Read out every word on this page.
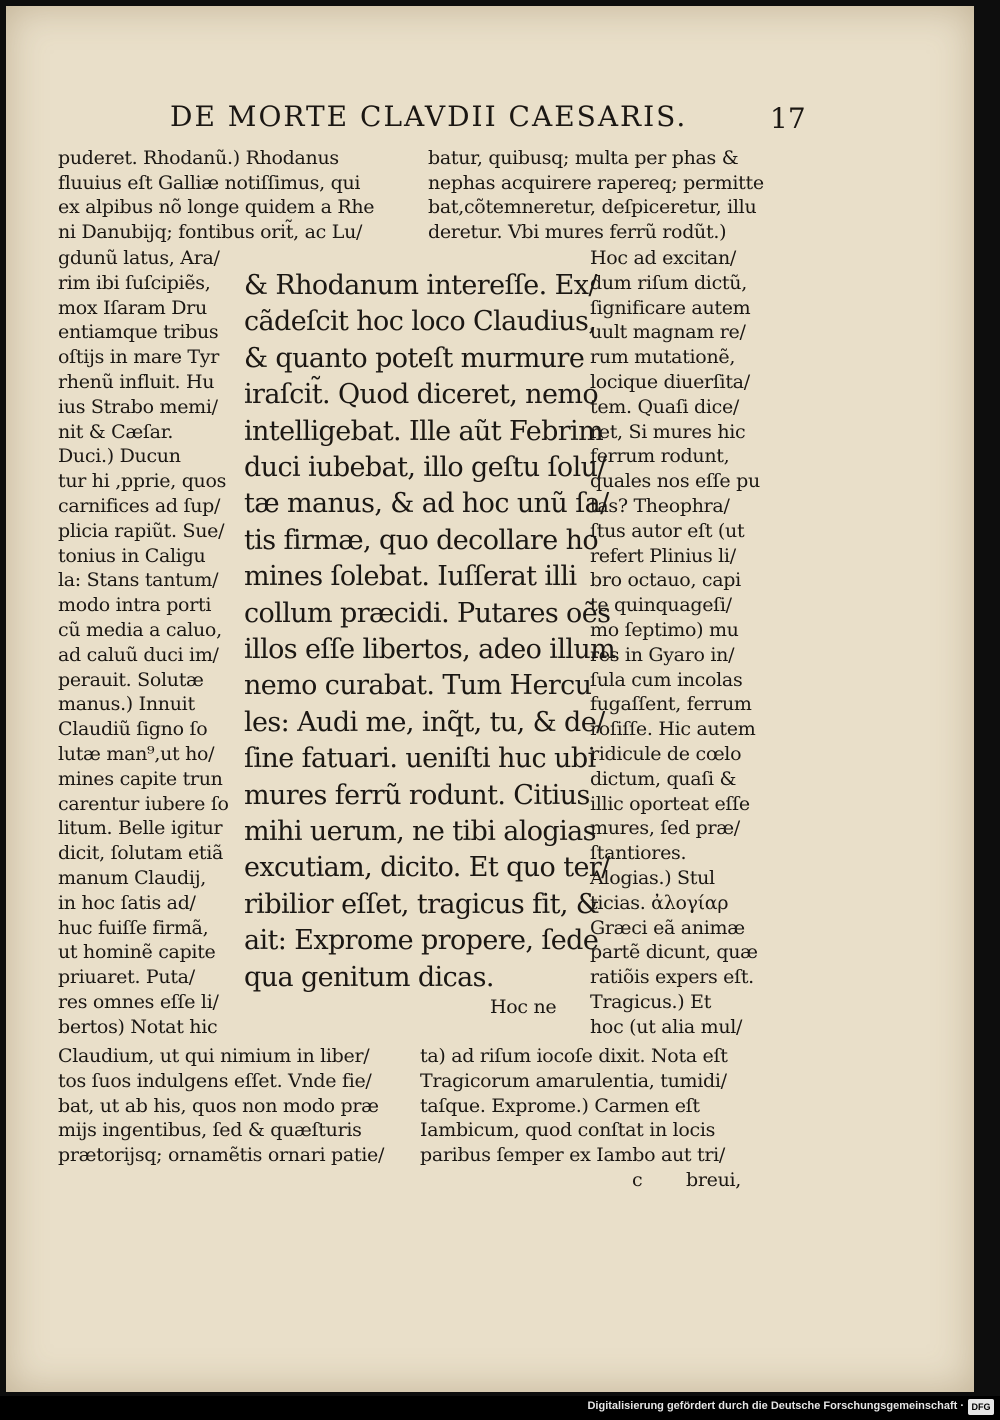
DE MORTE CLAVDII CAESARIS.	17
puderet. Rhodanũ.) Rhodanus
fluuius eſt Galliæ notiſſimus, qui
ex alpibus nõ longe quidem a Rhe
ni Danubijq; fontibus orit̃, ac Lu/
batur, quibusq; multa per phas &
nephas acquirere rapereq; permitte
bat,cõtemneretur, deſpiceretur, illu
deretur. Vbi mures ferrũ rodũt.)
gdunũ latus, Ara/
rim ibi ſuſcipiẽs,
mox Iſaram Dru
entiamque tribus
oſtijs in mare Tyr
rhenũ influit. Hu
ius Strabo memi/
nit & Cæſar.
Duci.) Ducun
tur hi ,pprie, quos
carnifices ad ſup/
plicia rapiũt. Sue/
tonius in Caligu
la: Stans tantum/
modo intra porti
cũ media a caluo,
ad caluũ duci im/
perauit. Solutæ
manus.) Innuit
Claudiũ ſigno ſo
lutæ man⁹,ut ho/
mines capite trun
carentur iubere ſo
litum. Belle igitur
dicit, ſolutam etiã
manum Claudij,
in hoc ſatis ad/
huc fuiſſe firmã,
ut hominẽ capite
priuaret. Puta/
res omnes eſſe li/
bertos) Notat hic
& Rhodanum intereſſe. Ex/
cãdeſcit hoc loco Claudius,
& quanto poteſt murmure
iraſcit̃. Quod diceret, nemo
intelligebat. Ille aũt Febrim
duci iubebat, illo geſtu ſolu/
tæ manus, & ad hoc unũ ſa/
tis firmæ, quo decollare ho
mines ſolebat. Iuſſerat illi
collum præcidi. Putares oẽs
illos eſſe libertos, adeo illum
nemo curabat. Tum Hercu
les: Audi me, inq̃t, tu, & de/
ſine fatuari. ueniſti huc ubi
mures ferrũ rodunt. Citius
mihi uerum, ne tibi alogias
excutiam, dicito. Et quo ter/
ribilior eſſet, tragicus fit, &
ait: Exprome propere, ſede
qua genitum dicas.
Hoc ne
Hoc ad excitan/
dum riſum dictũ,
ſignificare autem
uult magnam re/
rum mutationẽ,
locique diuerſita/
tem. Quaſi dice/
ret, Si mures hic
ferrum rodunt,
quales nos eſſe pu
tas? Theophra/
ſtus autor eſt (ut
refert Plinius li/
bro octauo, capi
te quinquageſi/
mo ſeptimo) mu
res in Gyaro in/
ſula cum incolas
fugaſſent, ferrum
roſiſſe. Hic autem
ridicule de cœlo
dictum, quaſi &
illic oporteat eſſe
mures, ſed præ/
ſtantiores.
Alogias.) Stul
ticias. ἀλογίαρ
Græci eã animæ
partẽ dicunt, quæ
ratiõis expers eſt.
Tragicus.) Et
hoc (ut alia mul/
Claudium, ut qui nimium in liber/
tos ſuos indulgens eſſet. Vnde fie/
bat, ut ab his, quos non modo præ
mijs ingentibus, ſed & quæſturis
prætorijsq; ornamẽtis ornari patie/
ta) ad riſum iocoſe dixit. Nota eſt
Tragicorum amarulentia, tumidi/
taſque. Exprome.) Carmen eſt
Iambicum, quod conſtat in locis
paribus ſemper ex Iambo aut tri/
c breui,
Digitalisierung gefördert durch die Deutsche Forschungsgemeinschaft · DFG
